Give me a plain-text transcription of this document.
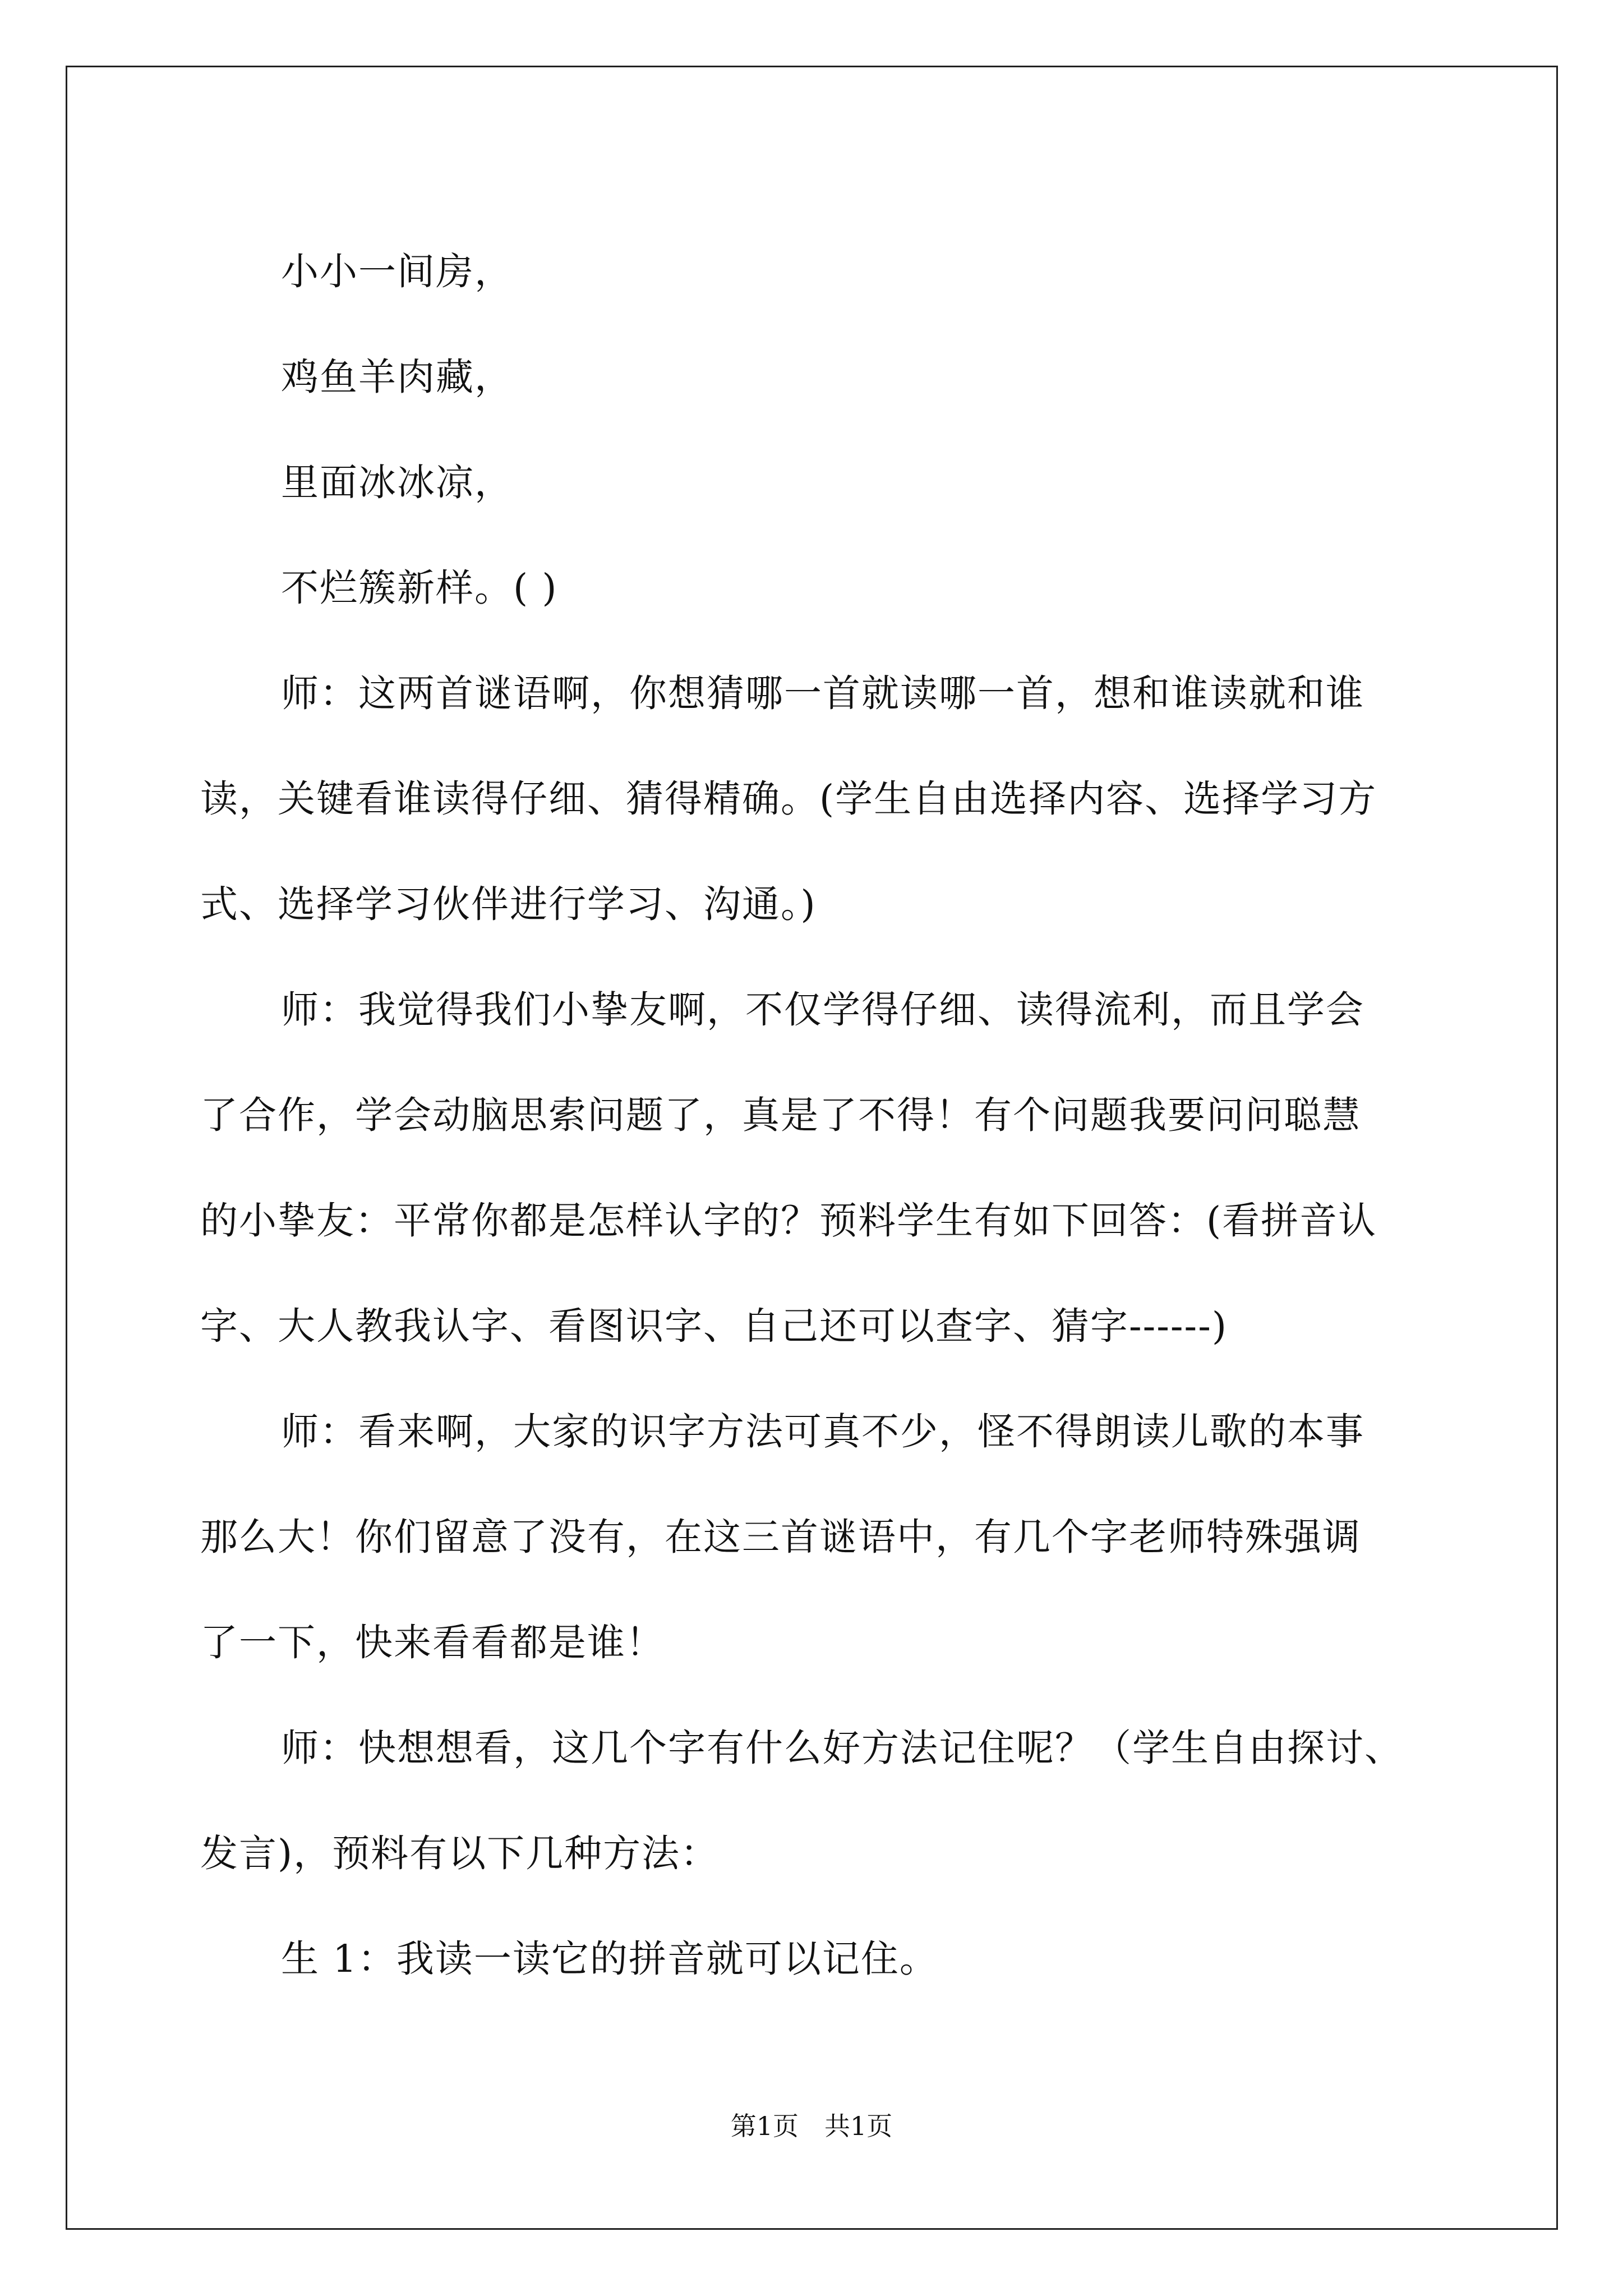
小小一间房，

鸡鱼羊肉藏，

里面冰冰凉，

不烂簇新样。( )

师：这两首谜语啊，你想猜哪一首就读哪一首，想和谁读就和谁
读，关键看谁读得仔细、猜得精确。(学生自由选择内容、选择学习方
式、选择学习伙伴进行学习、沟通。)

师：我觉得我们小挚友啊，不仅学得仔细、读得流利，而且学会
了合作，学会动脑思索问题了，真是了不得！有个问题我要问问聪慧
的小挚友：平常你都是怎样认字的？预料学生有如下回答：(看拼音认
字、大人教我认字、看图识字、自己还可以查字、猜字------)

师：看来啊，大家的识字方法可真不少，怪不得朗读儿歌的本事
那么大！你们留意了没有，在这三首谜语中，有几个字老师特殊强调
了一下，快来看看都是谁！

师：快想想看，这几个字有什么好方法记住呢？（学生自由探讨、
发言)，预料有以下几种方法：

生 1：我读一读它的拼音就可以记住。

第1页 共1页
